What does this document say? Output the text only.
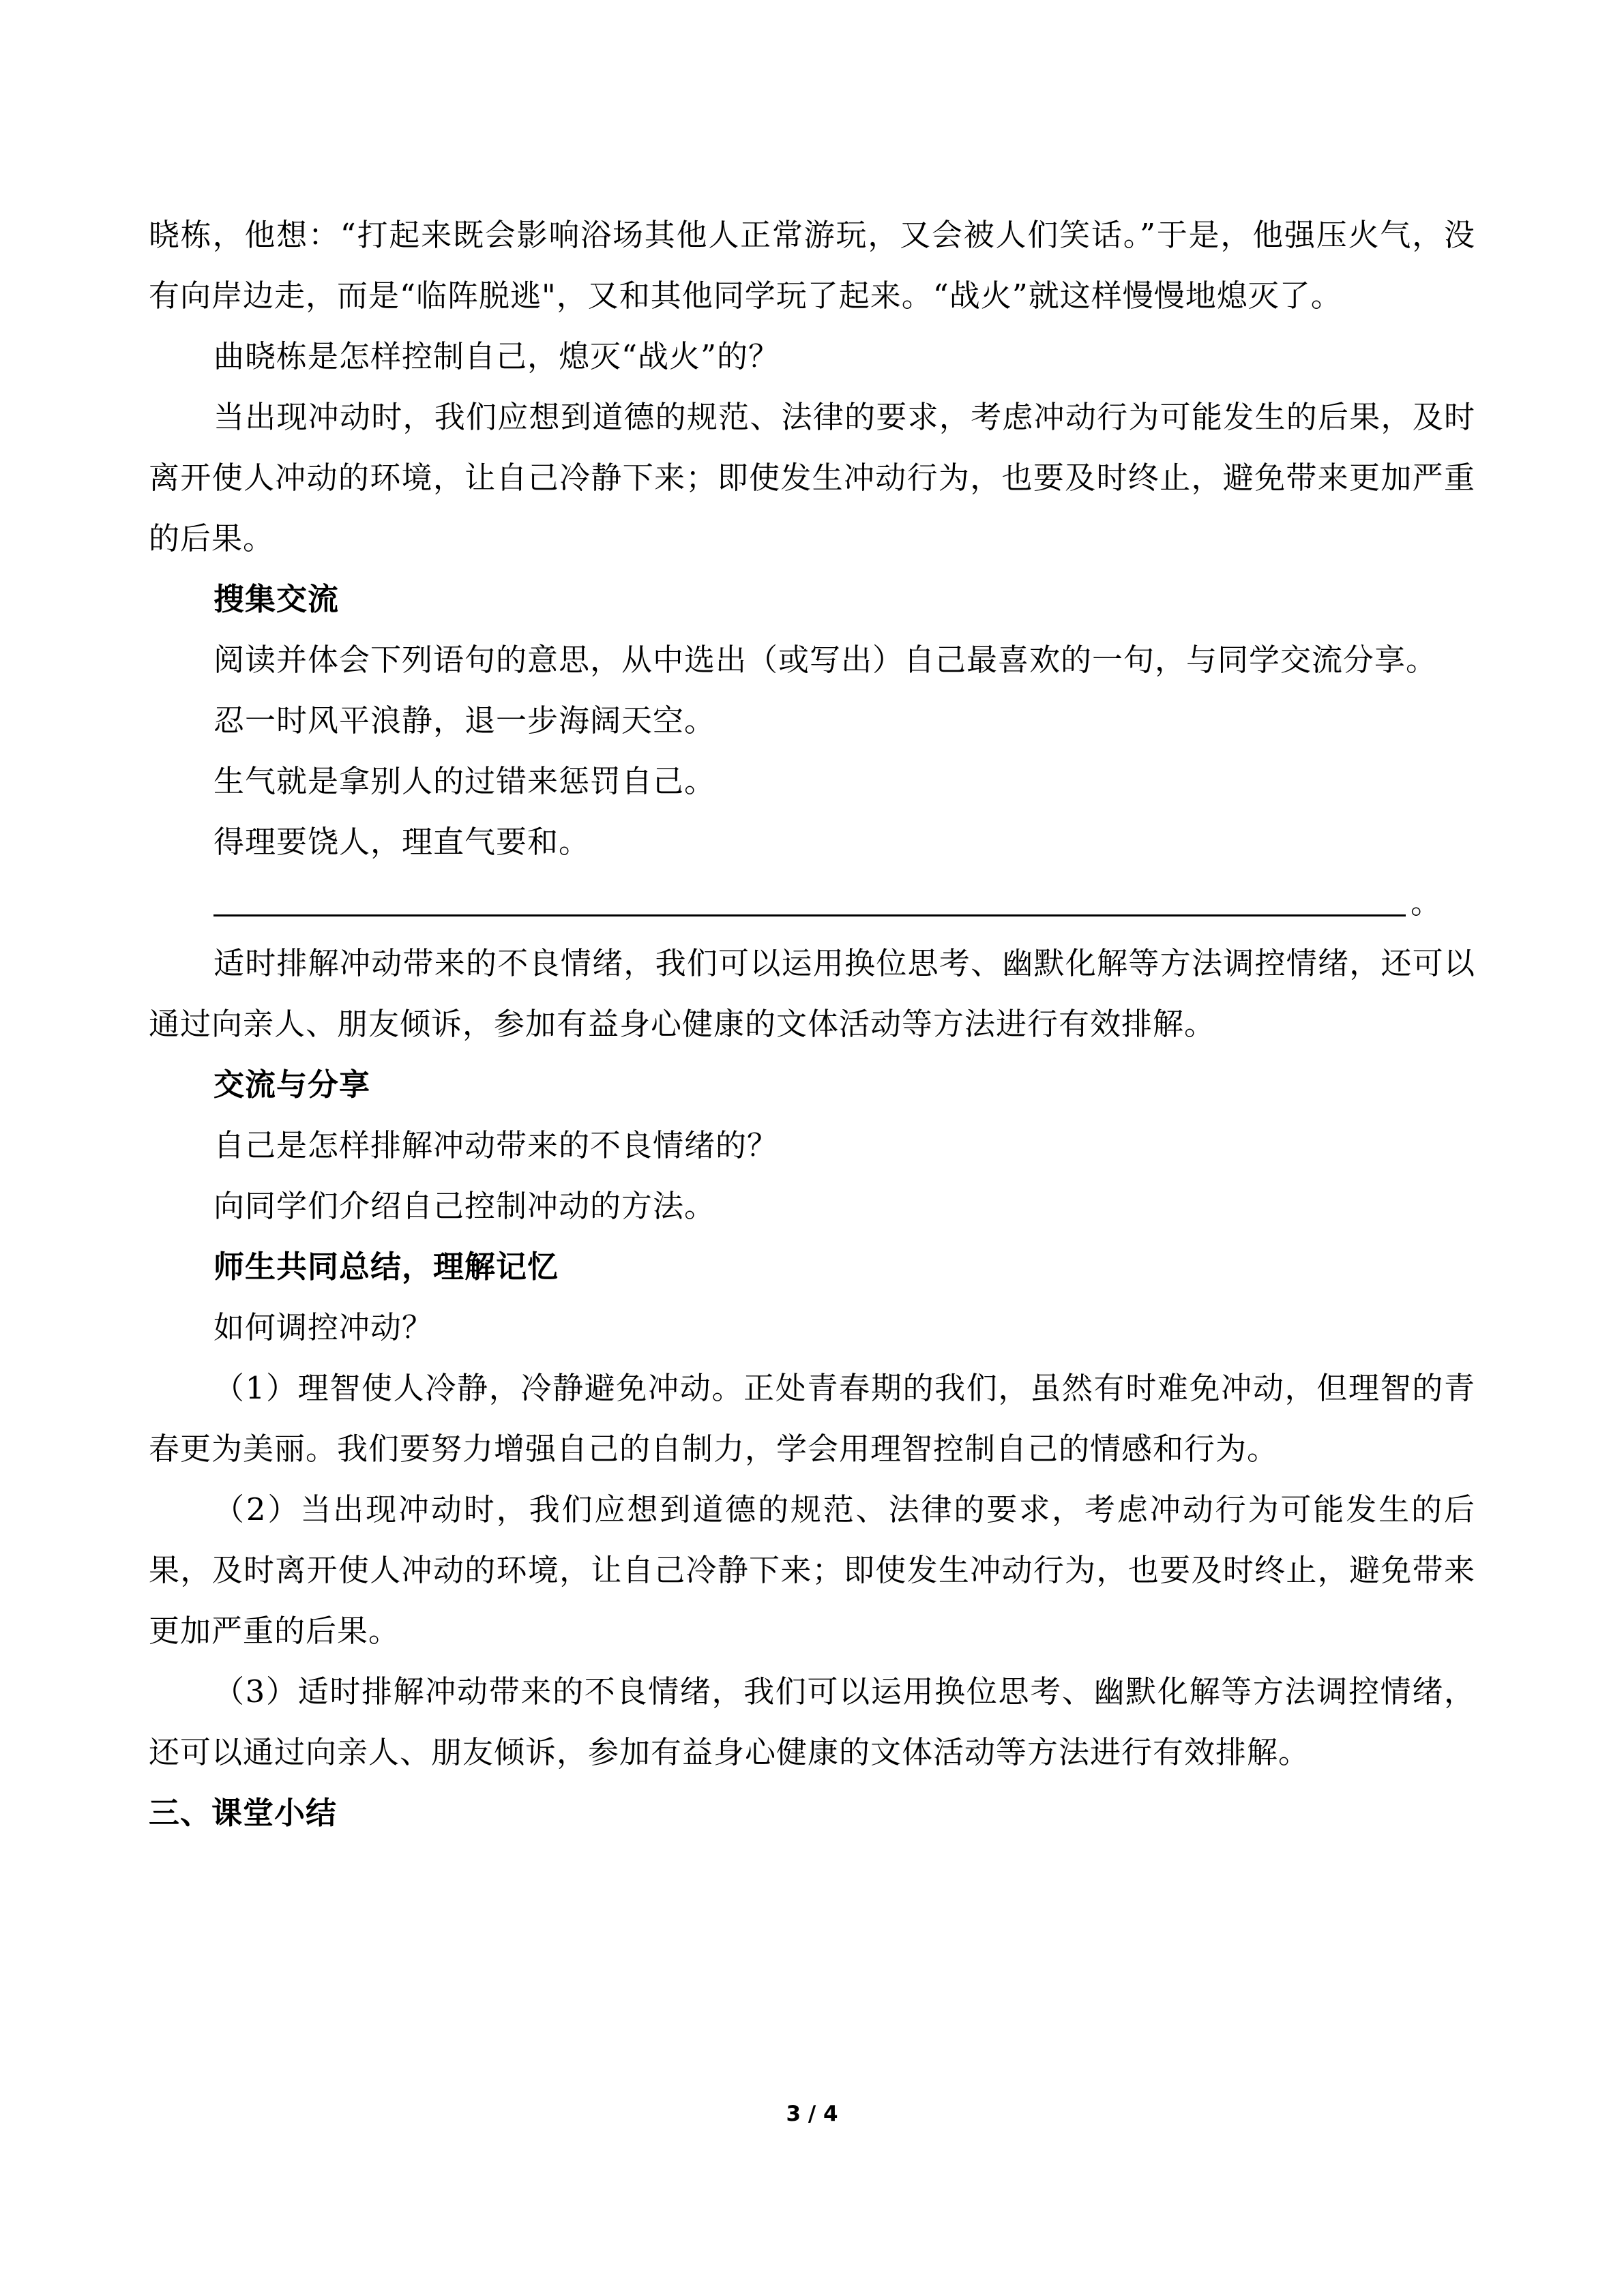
晓栋，他想：“打起来既会影响浴场其他人正常游玩，又会被人们笑话。”于是，他强压火气，没有向岸边走，而是“临阵脱逃"，又和其他同学玩了起来。“战火”就这样慢慢地熄灭了。

曲晓栋是怎样控制自己，熄灭“战火”的？

当出现冲动时，我们应想到道德的规范、法律的要求，考虑冲动行为可能发生的后果，及时离开使人冲动的环境，让自己冷静下来；即使发生冲动行为，也要及时终止，避免带来更加严重的后果。

搜集交流

阅读并体会下列语句的意思，从中选出（或写出）自己最喜欢的一句，与同学交流分享。

忍一时风平浪静，退一步海阔天空。

生气就是拿别人的过错来惩罚自己。

得理要饶人，理直气要和。

。

适时排解冲动带来的不良情绪，我们可以运用换位思考、幽默化解等方法调控情绪，还可以通过向亲人、朋友倾诉，参加有益身心健康的文体活动等方法进行有效排解。

交流与分享

自己是怎样排解冲动带来的不良情绪的？

向同学们介绍自己控制冲动的方法。

师生共同总结，理解记忆

如何调控冲动？

（1）理智使人冷静，冷静避免冲动。正处青春期的我们，虽然有时难免冲动，但理智的青春更为美丽。我们要努力增强自己的自制力，学会用理智控制自己的情感和行为。

（2）当出现冲动时，我们应想到道德的规范、法律的要求，考虑冲动行为可能发生的后果，及时离开使人冲动的环境，让自己冷静下来；即使发生冲动行为，也要及时终止，避免带来更加严重的后果。

（3）适时排解冲动带来的不良情绪，我们可以运用换位思考、幽默化解等方法调控情绪，还可以通过向亲人、朋友倾诉，参加有益身心健康的文体活动等方法进行有效排解。

三、课堂小结

3 / 4
